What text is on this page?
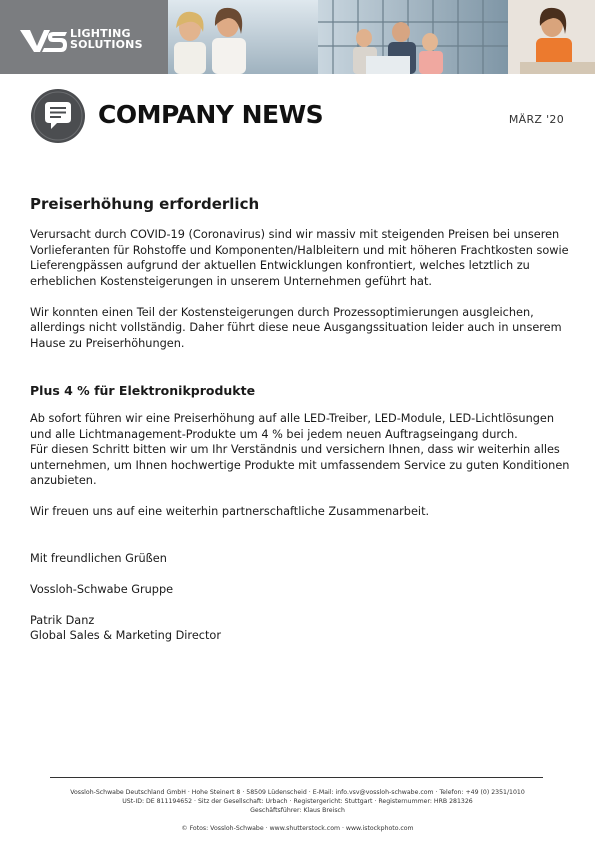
LIGHTING
SOLUTIONS
COMPANY NEWS	MÄRZ '20
Preiserhöhung erforderlich

Verursacht durch COVID-19 (Coronavirus) sind wir massiv mit steigenden Preisen bei unseren Vorlieferanten für Rohstoffe und Komponenten/Halbleitern und mit höheren Frachtkosten sowie Lieferengpässen aufgrund der aktuellen Entwicklungen konfrontiert, welches letztlich zu erheblichen Kostensteigerungen in unserem Unternehmen geführt hat.

Wir konnten einen Teil der Kostensteigerungen durch Prozessoptimierungen ausgleichen, allerdings nicht vollständig. Daher führt diese neue Ausgangssituation leider auch in unserem Hause zu Preiserhöhungen.

Plus 4 % für Elektronikprodukte

Ab sofort führen wir eine Preiserhöhung auf alle LED-Treiber, LED-Module, LED-Lichtlösungen und alle Lichtmanagement-Produkte um 4 % bei jedem neuen Auftragseingang durch.
Für diesen Schritt bitten wir um Ihr Verständnis und versichern Ihnen, dass wir weiterhin alles unternehmen, um Ihnen hochwertige Produkte mit umfassendem Service zu guten Konditionen anzubieten.

Wir freuen uns auf eine weiterhin partnerschaftliche Zusammenarbeit.

Mit freundlichen Grüßen

Vossloh-Schwabe Gruppe

Patrik Danz
Global Sales & Marketing Director
Vossloh-Schwabe Deutschland GmbH · Hohe Steinert 8 · 58509 Lüdenscheid · E-Mail: info.vsv@vossloh-schwabe.com · Telefon: +49 (0) 2351/1010
USt-ID: DE 811194652 · Sitz der Gesellschaft: Urbach · Registergericht: Stuttgart · Registernummer: HRB 281326
Geschäftsführer: Klaus Breisch
© Fotos: Vossloh-Schwabe · www.shutterstock.com · www.istockphoto.com
